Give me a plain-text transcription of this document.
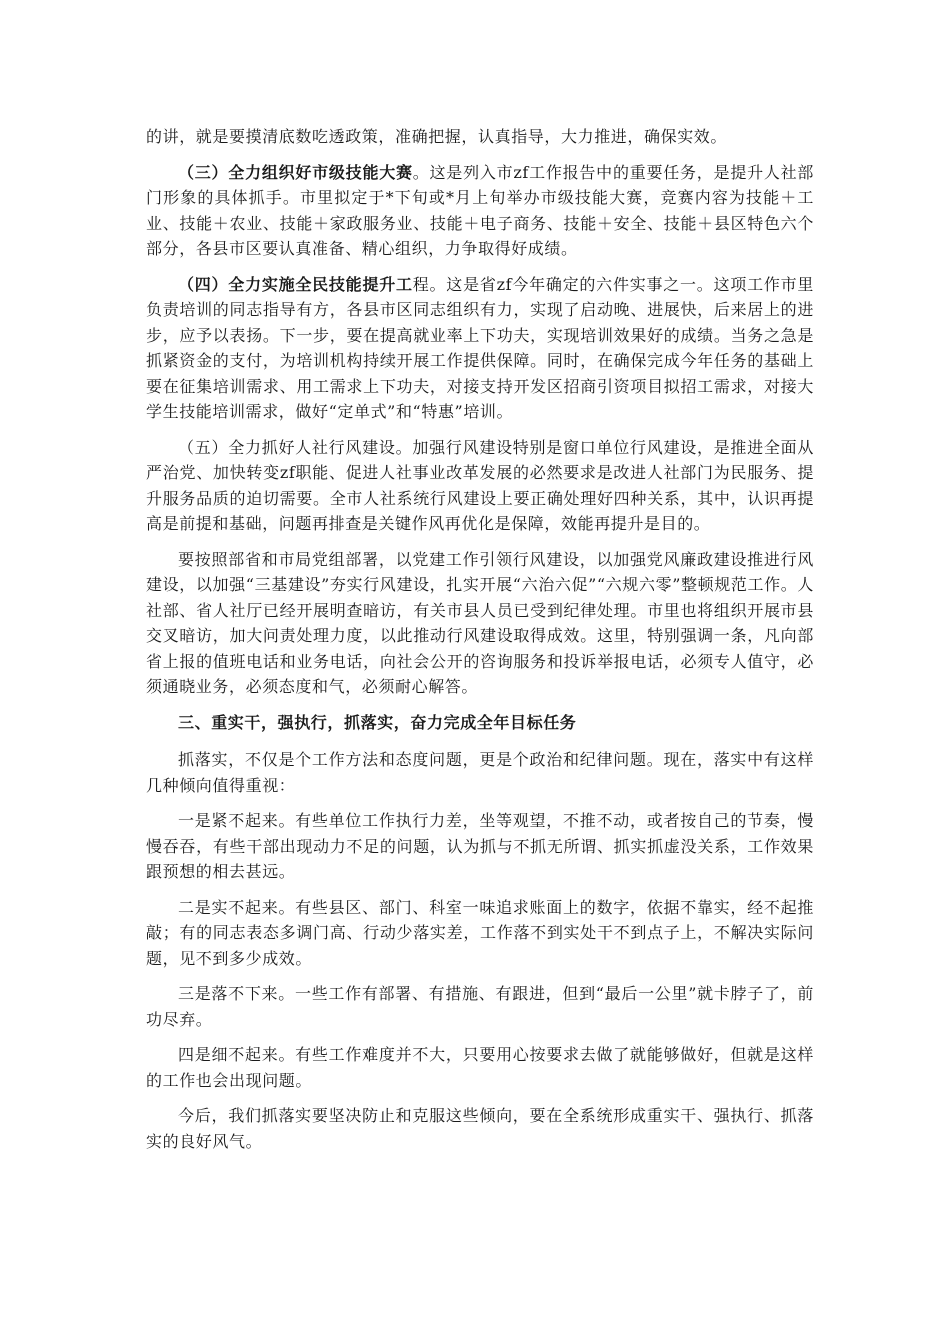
的讲，就是要摸清底数吃透政策，准确把握，认真指导，大力推进，确保实效。

（三）全力组织好市级技能大赛。这是列入市zf工作报告中的重要任务，是提升人社部门形象的具体抓手。市里拟定于*下旬或*月上旬举办市级技能大赛，竞赛内容为技能＋工业、技能＋农业、技能＋家政服务业、技能＋电子商务、技能＋安全、技能＋县区特色六个部分，各县市区要认真准备、精心组织，力争取得好成绩。

（四）全力实施全民技能提升工程。这是省zf今年确定的六件实事之一。这项工作市里负责培训的同志指导有方，各县市区同志组织有力，实现了启动晚、进展快，后来居上的进步，应予以表扬。下一步，要在提高就业率上下功夫，实现培训效果好的成绩。当务之急是抓紧资金的支付，为培训机构持续开展工作提供保障。同时，在确保完成今年任务的基础上要在征集培训需求、用工需求上下功夫，对接支持开发区招商引资项目拟招工需求，对接大学生技能培训需求，做好“定单式”和“特惠”培训。

（五）全力抓好人社行风建设。加强行风建设特别是窗口单位行风建设，是推进全面从严治党、加快转变zf职能、促进人社事业改革发展的必然要求是改进人社部门为民服务、提升服务品质的迫切需要。全市人社系统行风建设上要正确处理好四种关系，其中，认识再提高是前提和基础，问题再排查是关键作风再优化是保障，效能再提升是目的。

要按照部省和市局党组部署，以党建工作引领行风建设，以加强党风廉政建设推进行风建设，以加强“三基建设”夯实行风建设，扎实开展“六治六促”“六规六零”整顿规范工作。人社部、省人社厅已经开展明查暗访，有关市县人员已受到纪律处理。市里也将组织开展市县交叉暗访，加大问责处理力度，以此推动行风建设取得成效。这里，特别强调一条，凡向部省上报的值班电话和业务电话，向社会公开的咨询服务和投诉举报电话，必须专人值守，必须通晓业务，必须态度和气，必须耐心解答。

三、重实干，强执行，抓落实，奋力完成全年目标任务

抓落实，不仅是个工作方法和态度问题，更是个政治和纪律问题。现在，落实中有这样几种倾向值得重视：

一是紧不起来。有些单位工作执行力差，坐等观望，不推不动，或者按自己的节奏，慢慢吞吞，有些干部出现动力不足的问题，认为抓与不抓无所谓、抓实抓虚没关系，工作效果跟预想的相去甚远。

二是实不起来。有些县区、部门、科室一味追求账面上的数字，依据不靠实，经不起推敲；有的同志表态多调门高、行动少落实差，工作落不到实处干不到点子上，不解决实际问题，见不到多少成效。

三是落不下来。一些工作有部署、有措施、有跟进，但到“最后一公里”就卡脖子了，前功尽弃。

四是细不起来。有些工作难度并不大，只要用心按要求去做了就能够做好，但就是这样的工作也会出现问题。

今后，我们抓落实要坚决防止和克服这些倾向，要在全系统形成重实干、强执行、抓落实的良好风气。
